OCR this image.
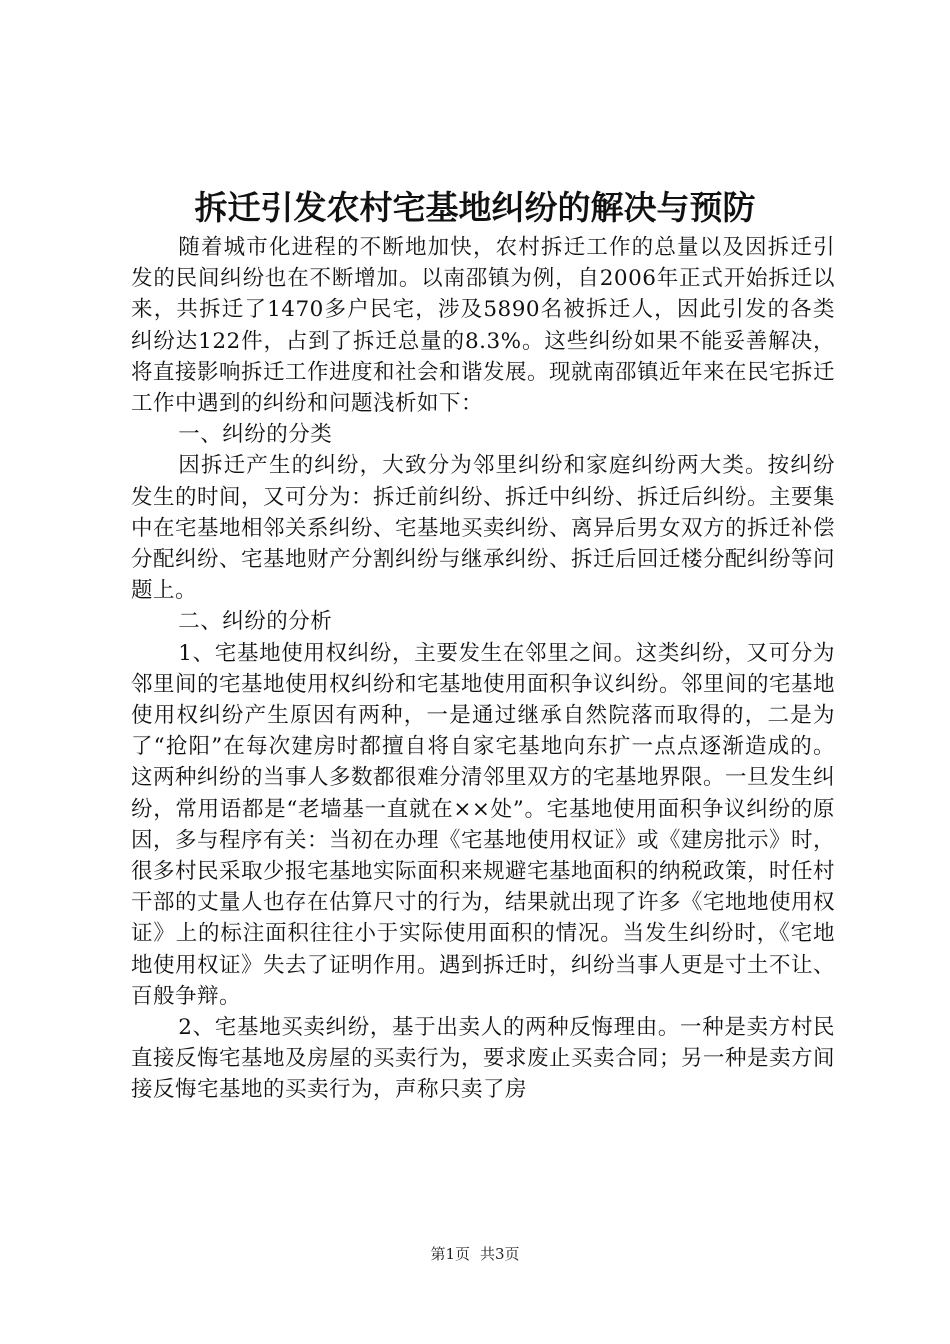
拆迁引发农村宅基地纠纷的解决与预防

随着城市化进程的不断地加快，农村拆迁工作的总量以及因拆迁引发的民间纠纷也在不断增加。以南邵镇为例，自2006年正式开始拆迁以来，共拆迁了1470多户民宅，涉及5890名被拆迁人，因此引发的各类纠纷达122件，占到了拆迁总量的8.3%。这些纠纷如果不能妥善解决，将直接影响拆迁工作进度和社会和谐发展。现就南邵镇近年来在民宅拆迁工作中遇到的纠纷和问题浅析如下：

一、纠纷的分类

因拆迁产生的纠纷，大致分为邻里纠纷和家庭纠纷两大类。按纠纷发生的时间，又可分为：拆迁前纠纷、拆迁中纠纷、拆迁后纠纷。主要集中在宅基地相邻关系纠纷、宅基地买卖纠纷、离异后男女双方的拆迁补偿分配纠纷、宅基地财产分割纠纷与继承纠纷、拆迁后回迁楼分配纠纷等问题上。

二、纠纷的分析

1、宅基地使用权纠纷，主要发生在邻里之间。这类纠纷，又可分为邻里间的宅基地使用权纠纷和宅基地使用面积争议纠纷。邻里间的宅基地使用权纠纷产生原因有两种，一是通过继承自然院落而取得的，二是为了“抢阳”在每次建房时都擅自将自家宅基地向东扩一点点逐渐造成的。这两种纠纷的当事人多数都很难分清邻里双方的宅基地界限。一旦发生纠纷，常用语都是“老墙基一直就在××处”。宅基地使用面积争议纠纷的原因，多与程序有关：当初在办理《宅基地使用权证》或《建房批示》时，很多村民采取少报宅基地实际面积来规避宅基地面积的纳税政策，时任村干部的丈量人也存在估算尺寸的行为，结果就出现了许多《宅地地使用权证》上的标注面积往往小于实际使用面积的情况。当发生纠纷时，《宅地地使用权证》失去了证明作用。遇到拆迁时，纠纷当事人更是寸土不让、百般争辩。

2、宅基地买卖纠纷，基于出卖人的两种反悔理由。一种是卖方村民直接反悔宅基地及房屋的买卖行为，要求废止买卖合同；另一种是卖方间接反悔宅基地的买卖行为，声称只卖了房

第1页 共3页
